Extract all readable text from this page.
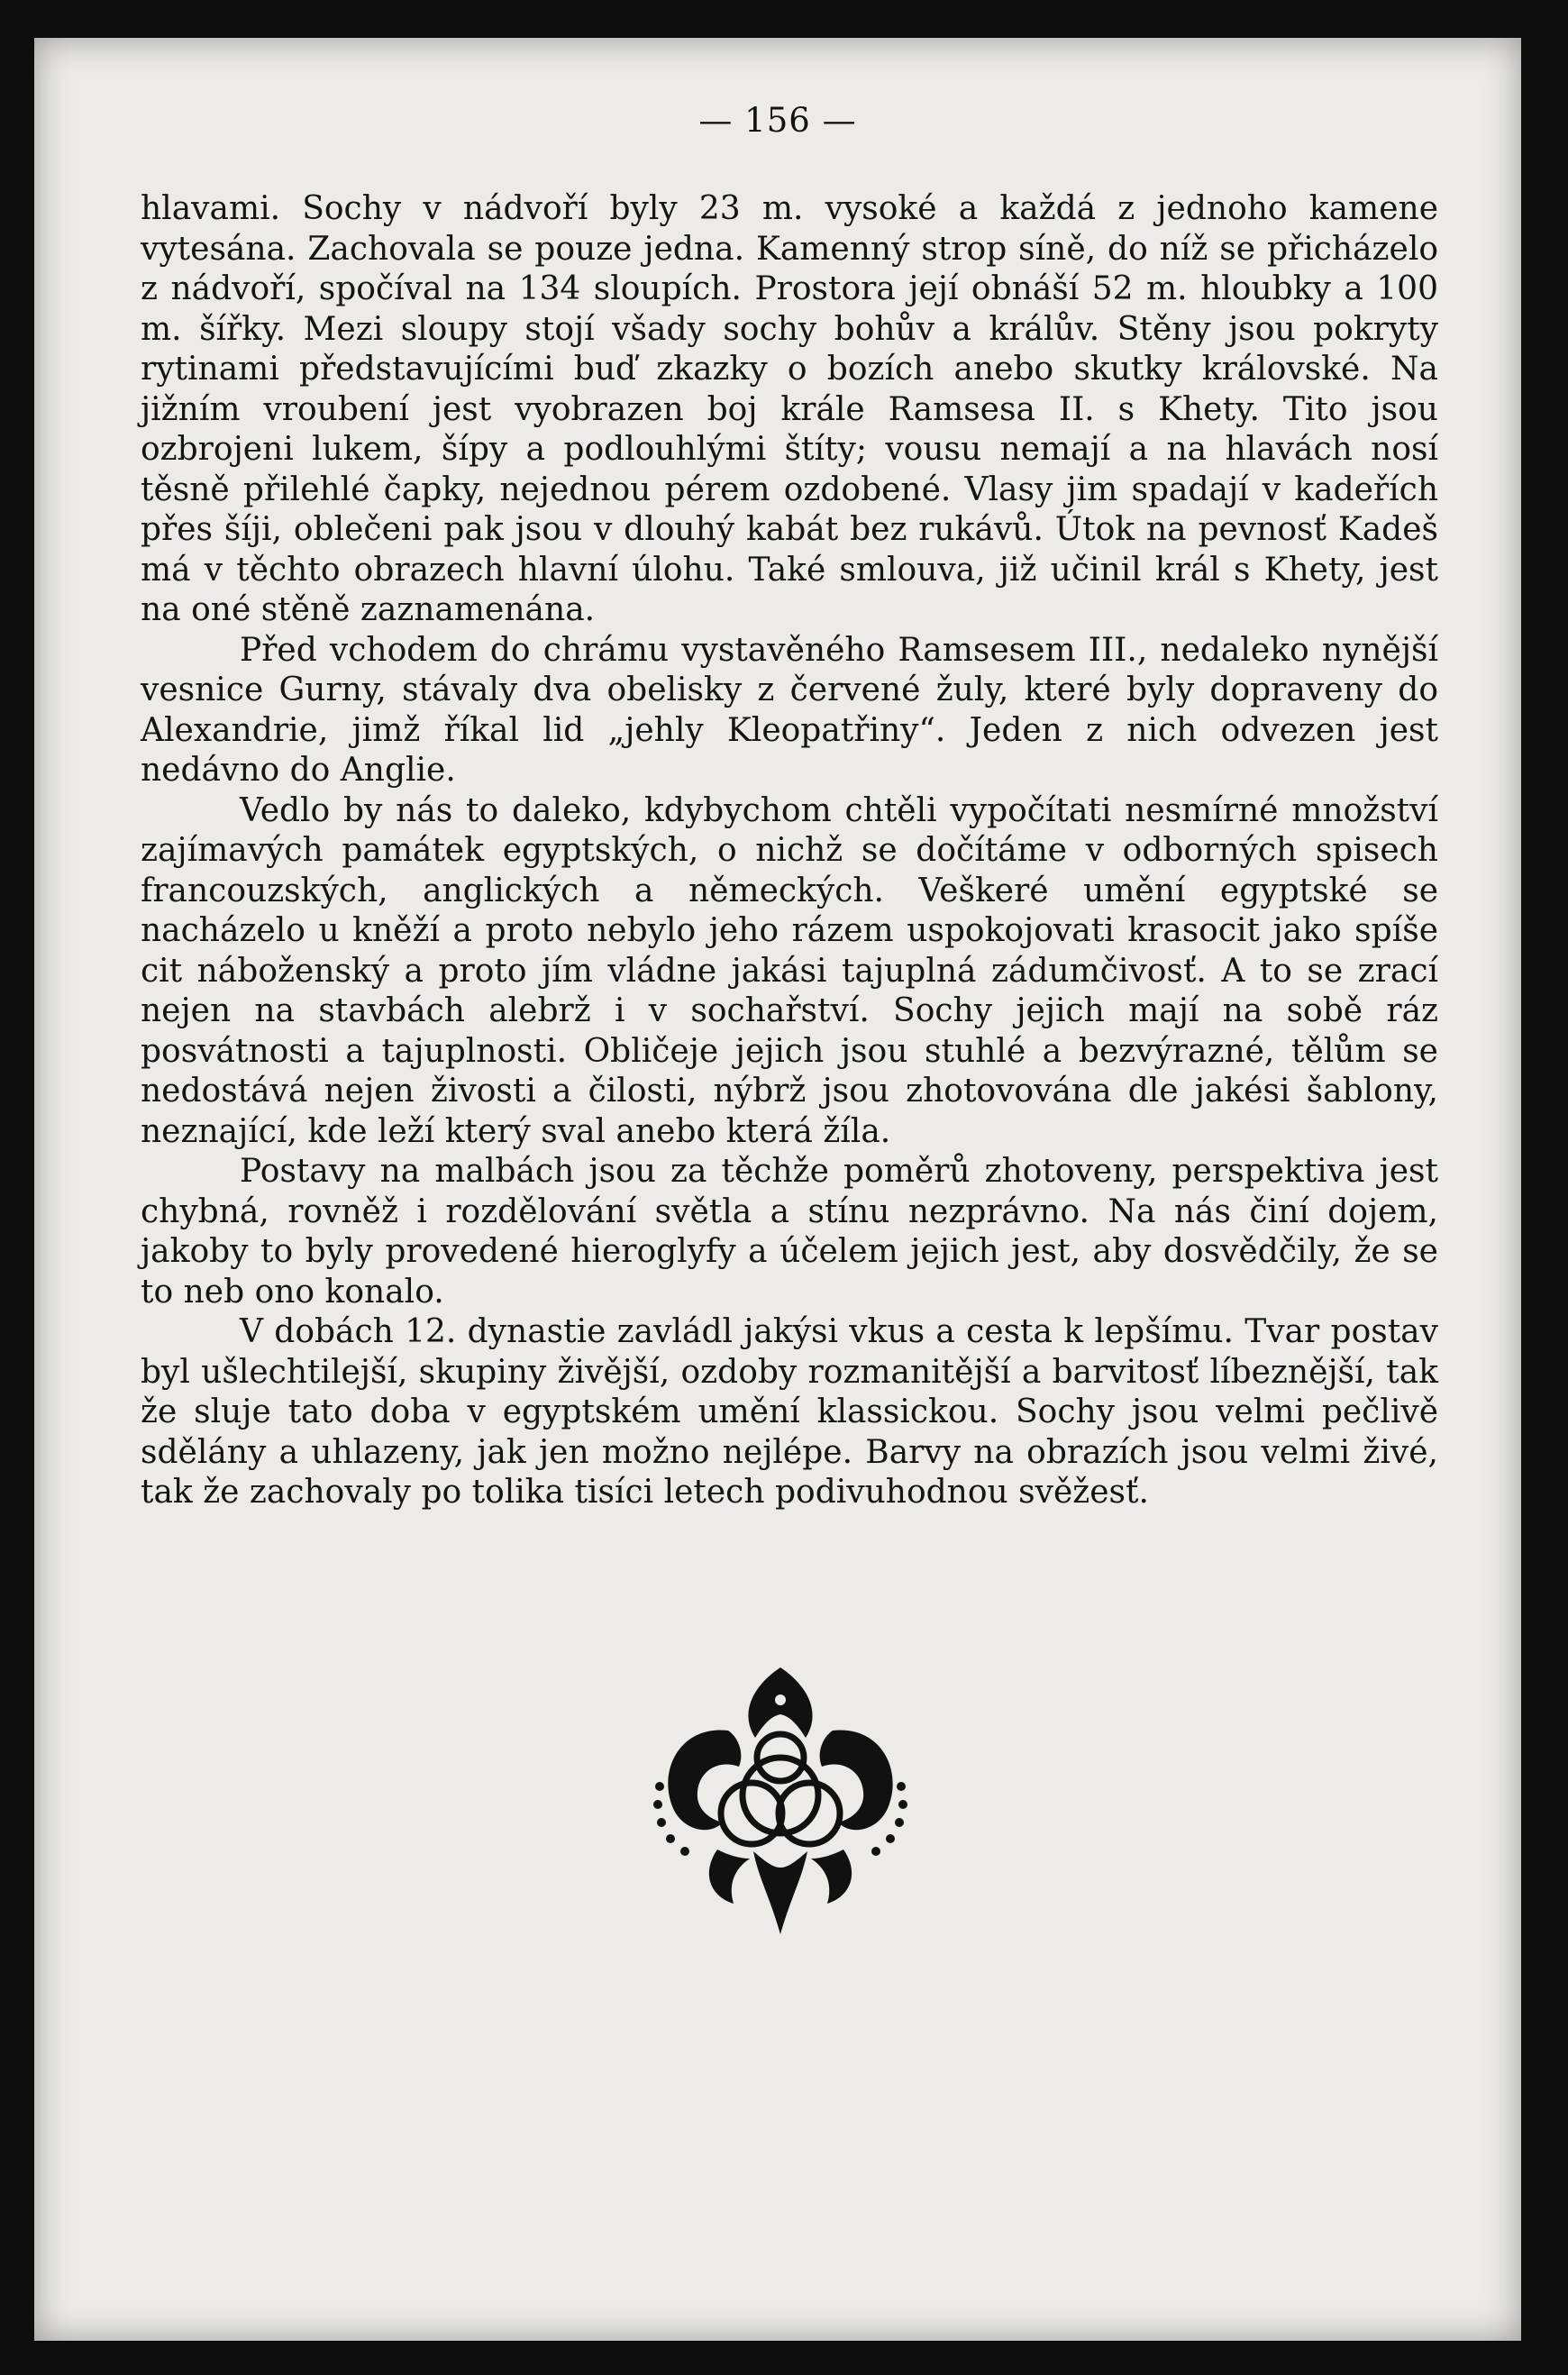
— 156 —

hlavami. Sochy v nádvoří byly 23 m. vysoké a každá z jednoho kamene vytesána. Zachovala se pouze jedna. Kamenný strop síně, do níž se přicházelo z nádvoří, spočíval na 134 sloupích. Prostora její obnáší 52 m. hloubky a 100 m. šířky. Mezi sloupy stojí všady sochy bohův a králův. Stěny jsou pokryty rytinami představujícími buď zkazky o bozích anebo skutky královské. Na jižním vroubení jest vyobrazen boj krále Ramsesa II. s Khety. Tito jsou ozbrojeni lukem, šípy a podlouhlými štíty; vousu nemají a na hlavách nosí těsně přilehlé čapky, nejednou pérem ozdobené. Vlasy jim spadají v kadeřích přes šíji, oblečeni pak jsou v dlouhý kabát bez rukávů. Útok na pevnosť Kadeš má v těchto obrazech hlavní úlohu. Také smlouva, již učinil král s Khety, jest na oné stěně zaznamenána.

Před vchodem do chrámu vystavěného Ramsesem III., nedaleko nynější vesnice Gurny, stávaly dva obelisky z červené žuly, které byly dopraveny do Alexandrie, jimž říkal lid „jehly Kleopatřiny“. Jeden z nich odvezen jest nedávno do Anglie.

Vedlo by nás to daleko, kdybychom chtěli vypočítati nesmírné množství zajímavých památek egyptských, o nichž se dočítáme v odborných spisech francouzských, anglických a německých. Veškeré umění egyptské se nacházelo u kněží a proto nebylo jeho rázem uspokojovati krasocit jako spíše cit náboženský a proto jím vládne jakási tajuplná zádumčivosť. A to se zrací nejen na stavbách alebrž i v sochařství. Sochy jejich mají na sobě ráz posvátnosti a tajuplnosti. Obličeje jejich jsou stuhlé a bezvýrazné, tělům se nedostává nejen živosti a čilosti, nýbrž jsou zhotovována dle jakési šablony, neznající, kde leží který sval anebo která žíla.

Postavy na malbách jsou za těchže poměrů zhotoveny, perspektiva jest chybná, rovněž i rozdělování světla a stínu nezprávno. Na nás činí dojem, jakoby to byly provedené hieroglyfy a účelem jejich jest, aby dosvědčily, že se to neb ono konalo.

V dobách 12. dynastie zavládl jakýsi vkus a cesta k lepšímu. Tvar postav byl ušlechtilejší, skupiny živější, ozdoby rozmanitější a barvitosť líbeznější, tak že sluje tato doba v egyptském umění klassickou. Sochy jsou velmi pečlivě sdělány a uhlazeny, jak jen možno nejlépe. Barvy na obrazích jsou velmi živé, tak že zachovaly po tolika tisíci letech podivuhodnou svěžesť.
